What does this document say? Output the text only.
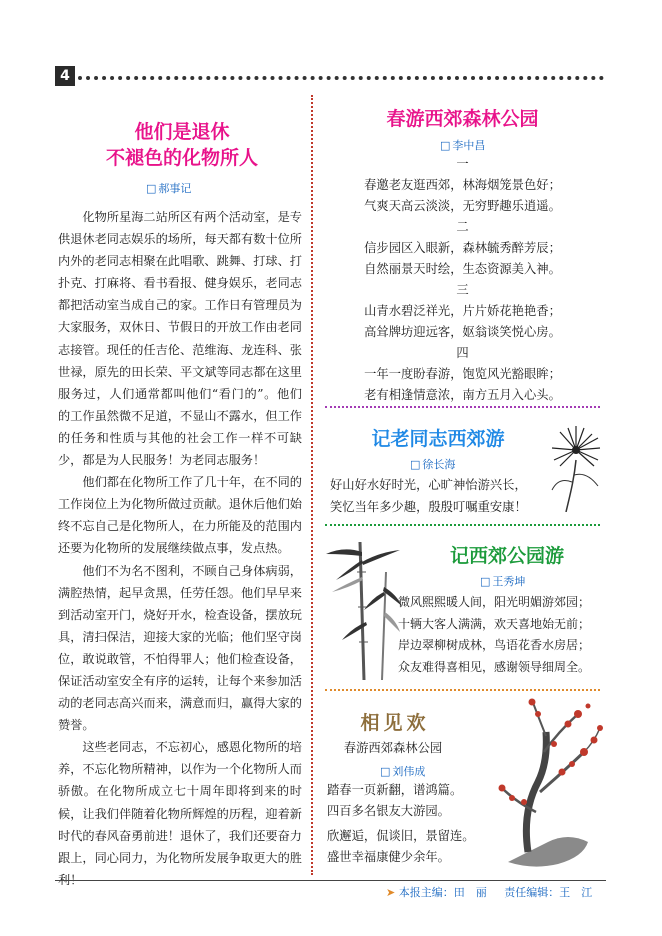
4
他们是退休
不褪色的化物所人
□ 郝事记

化物所星海二站所区有两个活动室，是专供退休老同志娱乐的场所，每天都有数十位所内外的老同志相聚在此唱歌、跳舞、打球、打扑克、打麻将、看书看报、健身娱乐，老同志都把活动室当成自己的家。工作日有管理员为大家服务，双休日、节假日的开放工作由老同志接管。现任的任吉伦、范维海、龙连科、张世禄，原先的田长荣、平文斌等同志都在这里服务过，人们通常都叫他们“看门的”。他们的工作虽然微不足道，不显山不露水，但工作的任务和性质与其他的社会工作一样不可缺少，都是为人民服务！为老同志服务！

他们都在化物所工作了几十年，在不同的工作岗位上为化物所做过贡献。退休后他们始终不忘自己是化物所人，在力所能及的范围内还要为化物所的发展继续做点事，发点热。

他们不为名不图利，不顾自己身体病弱，满腔热情，起早贪黑，任劳任怨。他们早早来到活动室开门，烧好开水，检查设备，摆放玩具，清扫保洁，迎接大家的光临；他们坚守岗位，敢说敢管，不怕得罪人；他们检查设备，保证活动室安全有序的运转，让每个来参加活动的老同志高兴而来，满意而归，赢得大家的赞誉。

这些老同志，不忘初心，感恩化物所的培养，不忘化物所精神，以作为一个化物所人而骄傲。在化物所成立七十周年即将到来的时候，让我们伴随着化物所辉煌的历程，迎着新时代的春风奋勇前进！退休了，我们还要奋力跟上，同心同力，为化物所发展争取更大的胜利！

春游西郊森林公园
□ 李中昌
一
春邀老友逛西郊，林海烟笼景色好；
气爽天高云淡淡，无穷野趣乐逍遥。
二
信步园区入眼新，森林毓秀醉芳辰；
自然丽景天时绘，生态资源美入神。
三
山青水碧泛祥光，片片娇花艳艳香；
高耸牌坊迎远客，妪翁谈笑悦心房。
四
一年一度盼春游，饱览风光豁眼眸；
老有相逢情意浓，南方五月入心头。
记老同志西郊游
□ 徐长海
好山好水好时光，心旷神怡游兴长，
笑忆当年多少趣，殷殷叮嘱重安康！
记西郊公园游
□ 王秀坤
微风熙熙暖人间，阳光明媚游郊园；
十辆大客人满满，欢天喜地始无前；
岸边翠柳树成林，鸟语花香水房居；
众友难得喜相见，感谢领导细周全。
相见欢
春游西郊森林公园
□ 刘伟成
踏春一页新翻，谱鸿篇。
四百多名银友大游园。
欣邂逅，侃谈旧，景留连。
盛世幸福康健少余年。
➤ 本报主编：田　丽 责任编辑：王　江
